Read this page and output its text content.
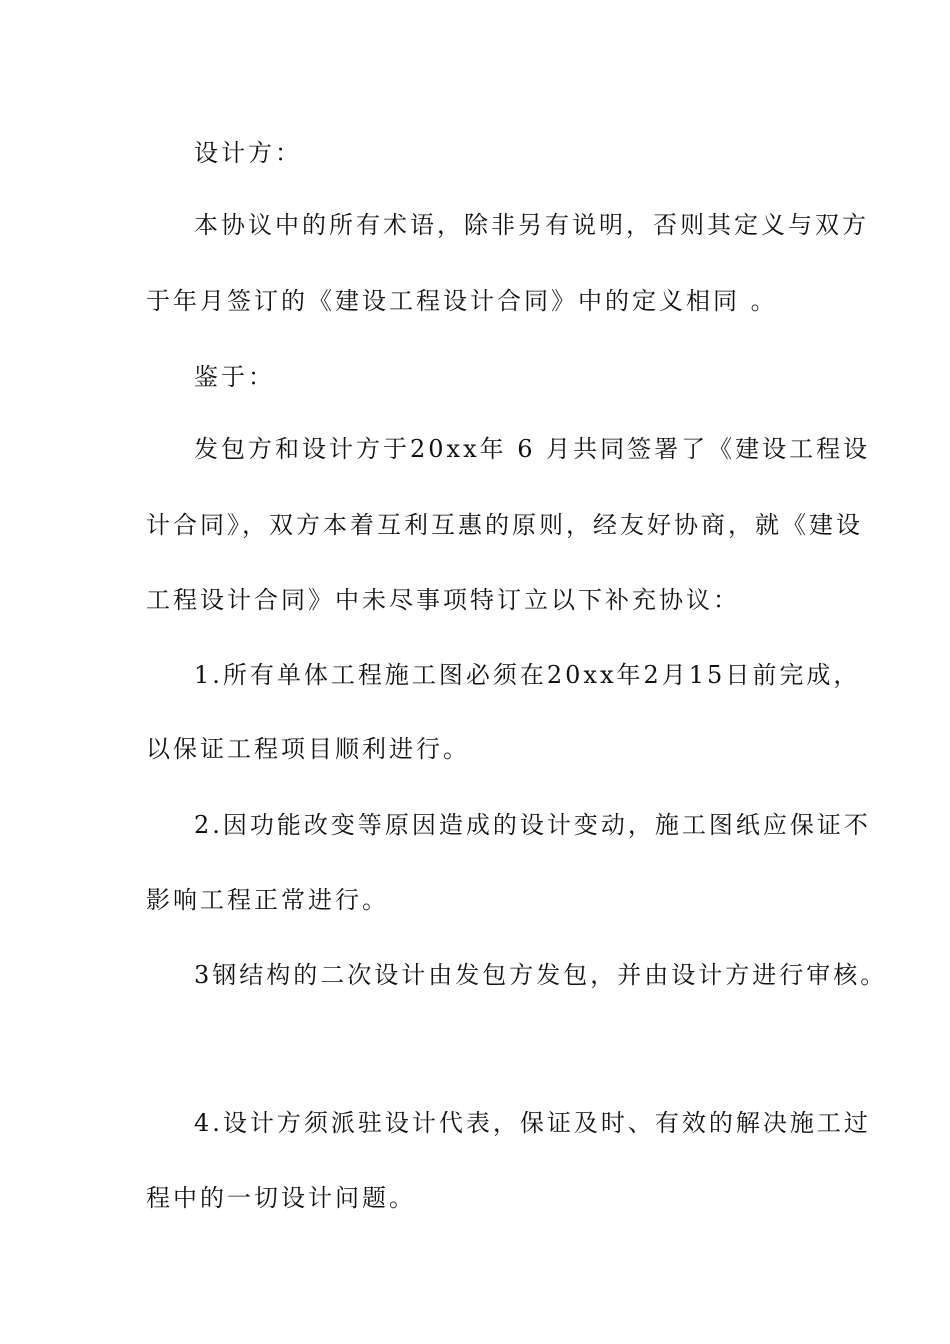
设计方：

本协议中的所有术语，除非另有说明，否则其定义与双方

于年月签订的《建设工程设计合同》中的定义相同 。

鉴于：

发包方和设计方于20xx年 6 月共同签署了《建设工程设

计合同》，双方本着互利互惠的原则，经友好协商，就《建设

工程设计合同》中未尽事项特订立以下补充协议：

1.所有单体工程施工图必须在20xx年2月15日前完成，

以保证工程项目顺利进行。

2.因功能改变等原因造成的设计变动，施工图纸应保证不

影响工程正常进行。

3钢结构的二次设计由发包方发包，并由设计方进行审核。

4.设计方须派驻设计代表，保证及时、有效的解决施工过

程中的一切设计问题。
